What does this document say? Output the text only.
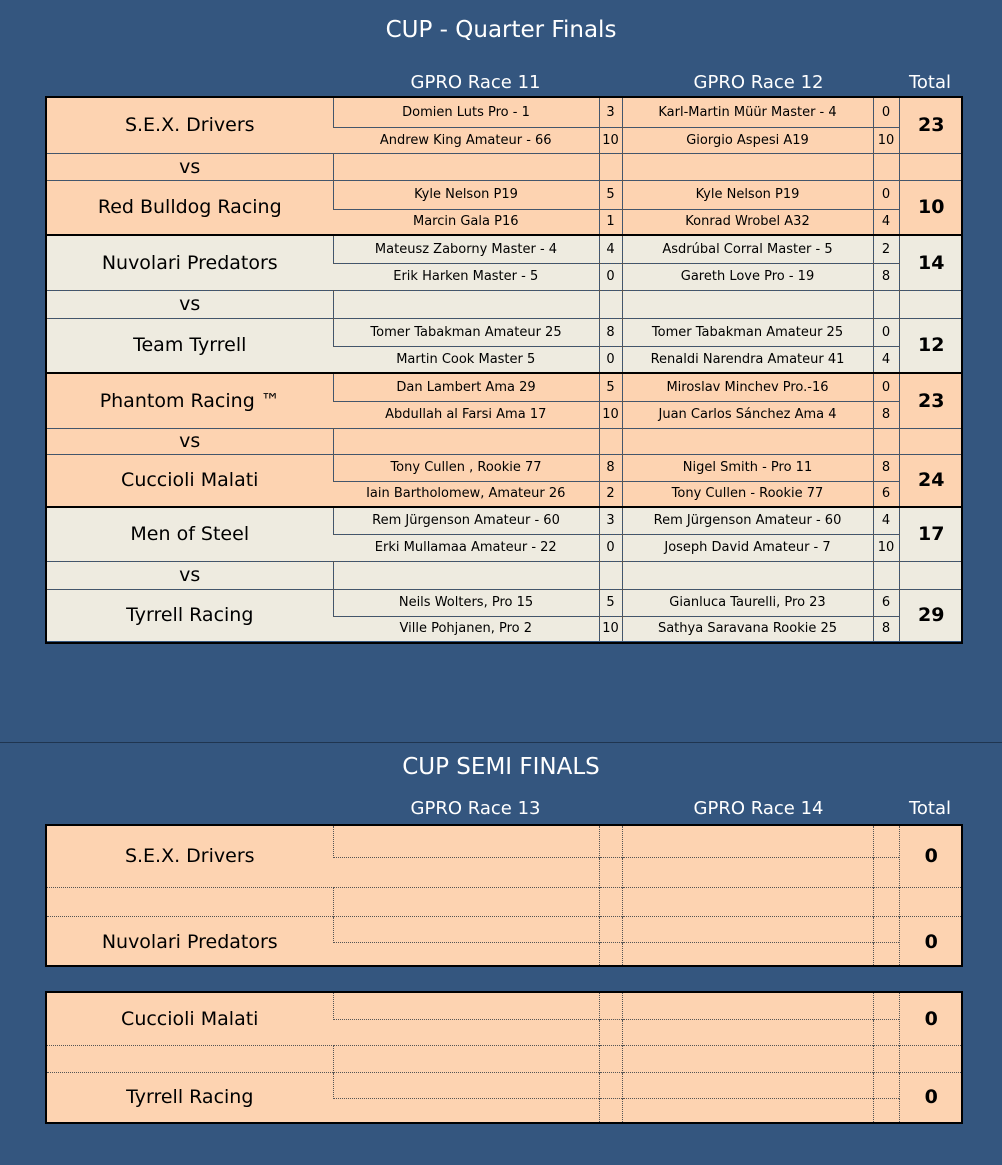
CUP - Quarter Finals
GPRO Race 11	GPRO Race 12	Total
S.E.X. Drivers	Domien Luts Pro - 1	3	Karl-Martin Müür Master - 4	0	23
	Andrew King Amateur - 66	10	Giorgio Aspesi A19	10	
vs					
Red Bulldog Racing	Kyle Nelson P19	5	Kyle Nelson P19	0	10
	Marcin Gala P16	1	Konrad Wrobel A32	4	
Nuvolari Predators	Mateusz Zaborny Master - 4	4	Asdrúbal Corral Master - 5	2	14
	Erik Harken Master - 5	0	Gareth Love Pro - 19	8	
vs					
Team Tyrrell	Tomer Tabakman Amateur 25	8	Tomer Tabakman Amateur 25	0	12
	Martin Cook Master 5	0	Renaldi Narendra Amateur 41	4	
Phantom Racing ™	Dan Lambert Ama 29	5	Miroslav Minchev Pro.-16	0	23
	Abdullah al Farsi Ama 17	10	Juan Carlos Sánchez Ama 4	8	
vs					
Cuccioli Malati	Tony Cullen , Rookie 77	8	Nigel Smith - Pro 11	8	24
	Iain Bartholomew, Amateur 26	2	Tony Cullen - Rookie 77	6	
Men of Steel	Rem Jürgenson Amateur - 60	3	Rem Jürgenson Amateur - 60	4	17
	Erki Mullamaa Amateur - 22	0	Joseph David Amateur - 7	10	
vs					
Tyrrell Racing	Neils Wolters, Pro 15	5	Gianluca Taurelli, Pro 23	6	29
	Ville Pohjanen, Pro 2	10	Sathya Saravana Rookie 25	8	
CUP SEMI FINALS
GPRO Race 13	GPRO Race 14	Total
S.E.X. Drivers					0

Nuvolari Predators					0

Cuccioli Malati					0

Tyrrell Racing					0
